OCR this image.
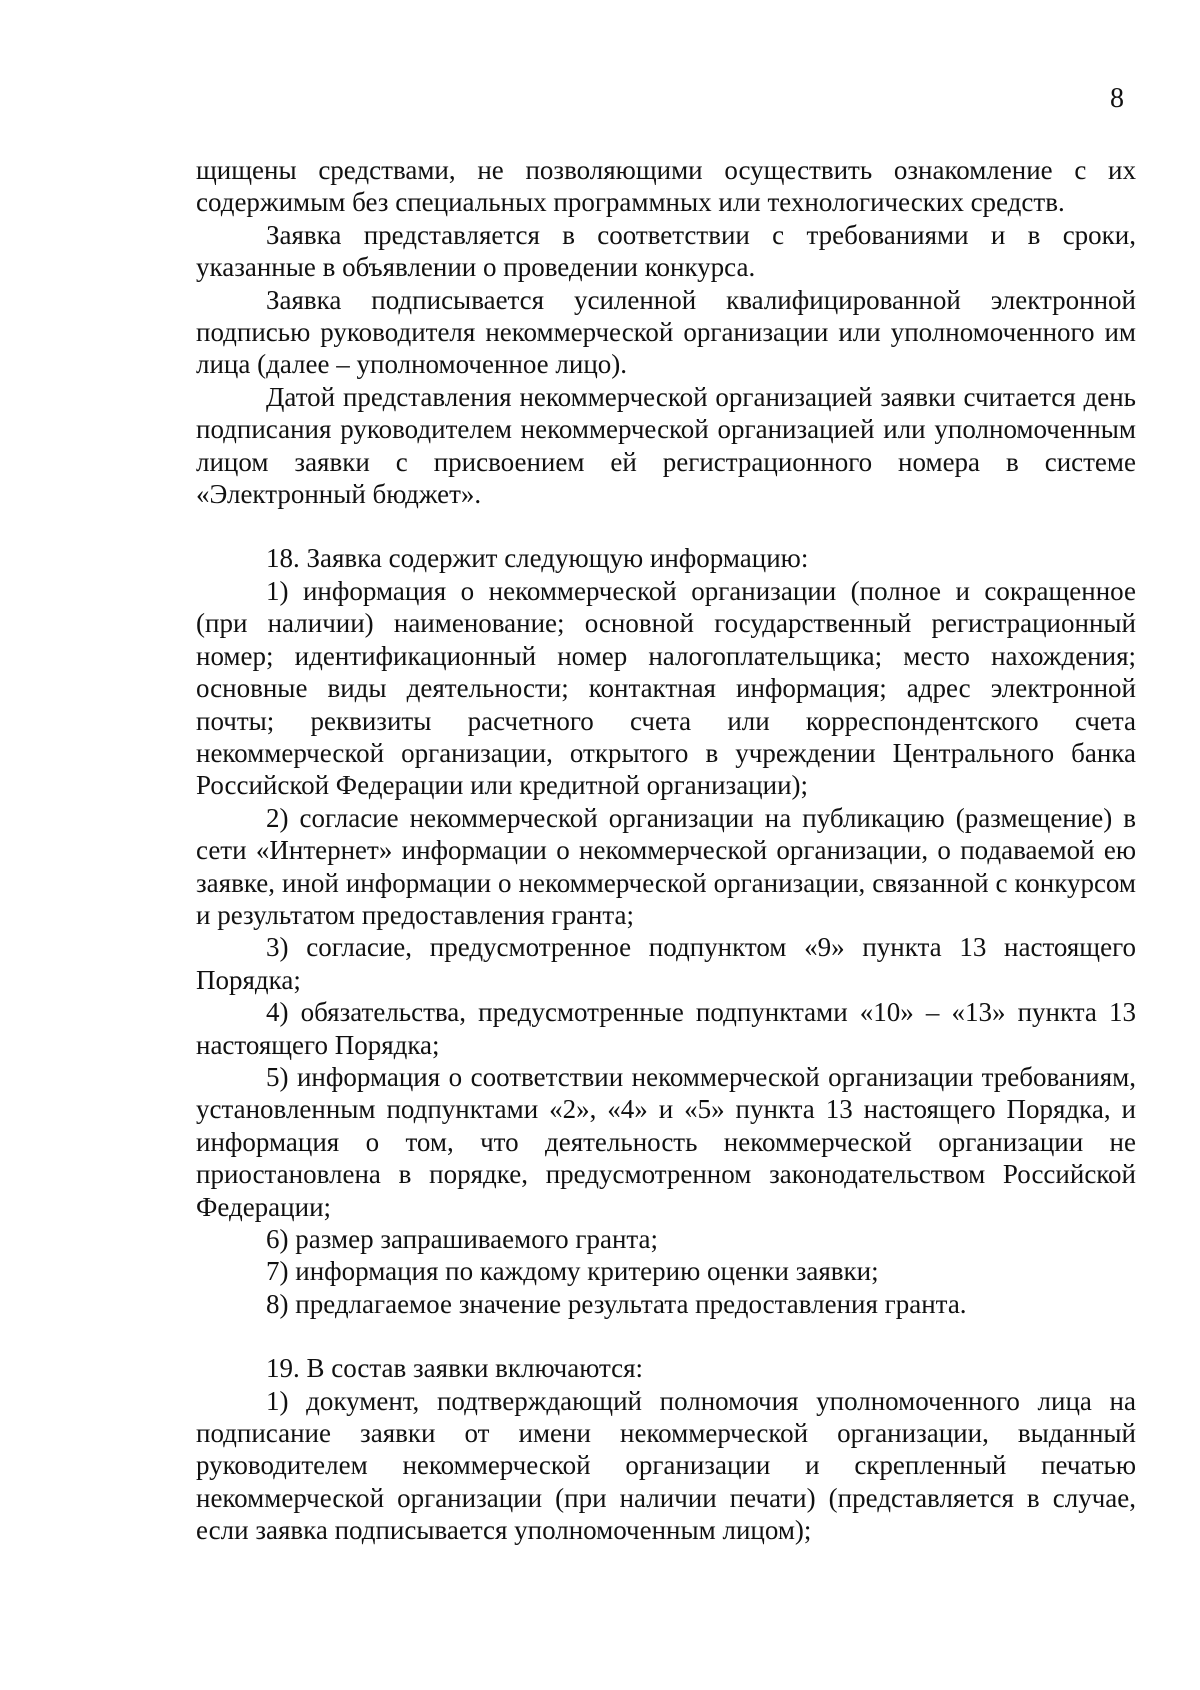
8

щищены средствами, не позволяющими осуществить ознакомление с их содержимым без специальных программных или технологических средств.

Заявка представляется в соответствии с требованиями и в сроки, указанные в объявлении о проведении конкурса.

Заявка подписывается усиленной квалифицированной электронной подписью руководителя некоммерческой организации или уполномоченного им лица (далее – уполномоченное лицо).

Датой представления некоммерческой организацией заявки считается день подписания руководителем некоммерческой организацией или уполномоченным лицом заявки с присвоением ей регистрационного номера в системе «Электронный бюджет».

18. Заявка содержит следующую информацию:

1) информация о некоммерческой организации (полное и сокращенное (при наличии) наименование; основной государственный регистрационный номер; идентификационный номер налогоплательщика; место нахождения; основные виды деятельности; контактная информация; адрес электронной почты; реквизиты расчетного счета или корреспондентского счета некоммерческой организации, открытого в учреждении Центрального банка Российской Федерации или кредитной организации);

2) согласие некоммерческой организации на публикацию (размещение) в сети «Интернет» информации о некоммерческой организации, о подаваемой ею заявке, иной информации о некоммерческой организации, связанной с конкурсом и результатом предоставления гранта;

3) согласие, предусмотренное подпунктом «9» пункта 13 настоящего Порядка;

4) обязательства, предусмотренные подпунктами «10» – «13» пункта 13 настоящего Порядка;

5) информация о соответствии некоммерческой организации требованиям, установленным подпунктами «2», «4» и «5» пункта 13 настоящего Порядка, и информация о том, что деятельность некоммерческой организации не приостановлена в порядке, предусмотренном законодательством Российской Федерации;

6) размер запрашиваемого гранта;

7) информация по каждому критерию оценки заявки;

8) предлагаемое значение результата предоставления гранта.

19. В состав заявки включаются:

1) документ, подтверждающий полномочия уполномоченного лица на подписание заявки от имени некоммерческой организации, выданный руководителем некоммерческой организации и скрепленный печатью некоммерческой организации (при наличии печати) (представляется в случае, если заявка подписывается уполномоченным лицом);
